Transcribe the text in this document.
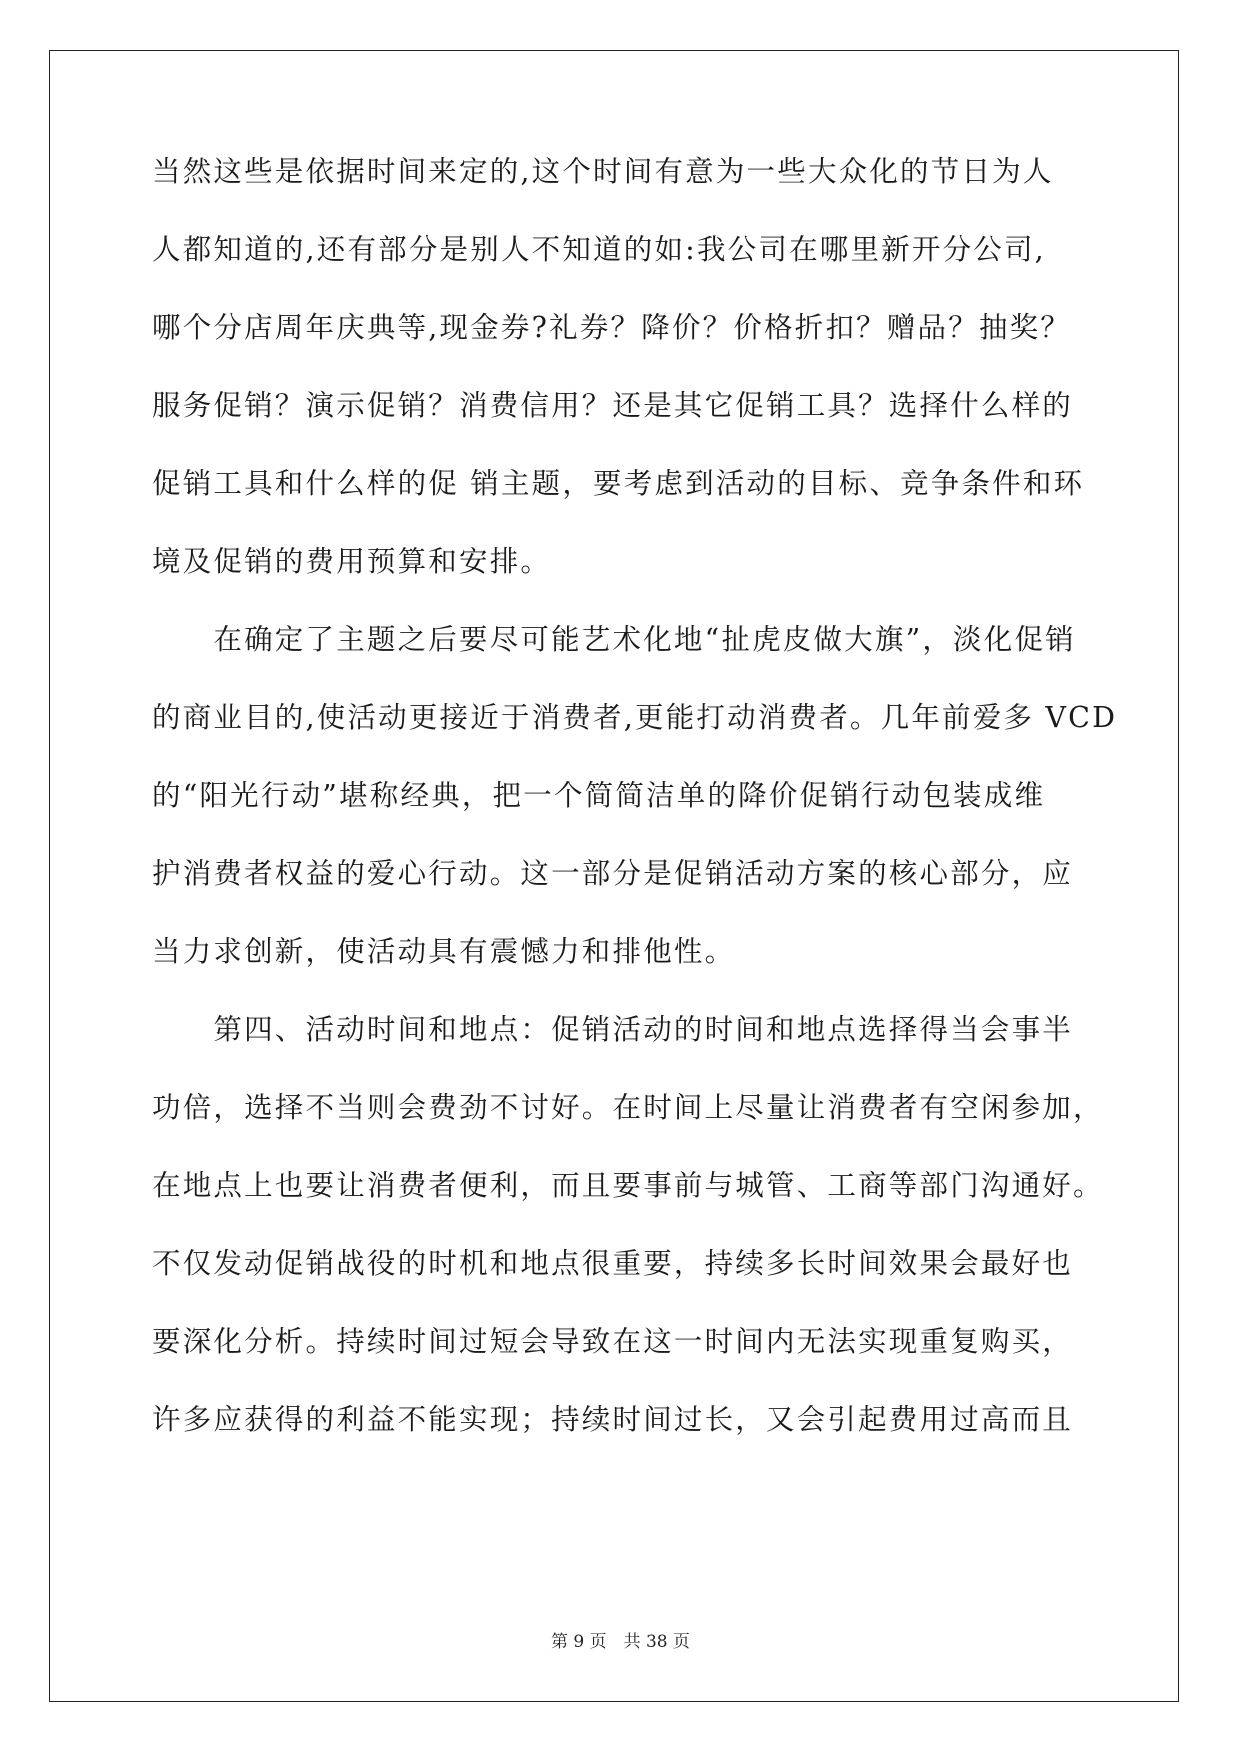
当然这些是依据时间来定的,这个时间有意为一些大众化的节日为人
人都知道的,还有部分是别人不知道的如:我公司在哪里新开分公司,
哪个分店周年庆典等,现金券?礼券？降价？价格折扣？赠品？抽奖？
服务促销？演示促销？消费信用？还是其它促销工具？选择什么样的
促销工具和什么样的促 销主题，要考虑到活动的目标、竞争条件和环
境及促销的费用预算和安排。
　　在确定了主题之后要尽可能艺术化地“扯虎皮做大旗”，淡化促销
的商业目的,使活动更接近于消费者,更能打动消费者。几年前爱多 VCD
的“阳光行动”堪称经典，把一个简简洁单的降价促销行动包装成维
护消费者权益的爱心行动。这一部分是促销活动方案的核心部分，应
当力求创新，使活动具有震憾力和排他性。
　　第四、活动时间和地点：促销活动的时间和地点选择得当会事半
功倍，选择不当则会费劲不讨好。在时间上尽量让消费者有空闲参加，
在地点上也要让消费者便利，而且要事前与城管、工商等部门沟通好。
不仅发动促销战役的时机和地点很重要，持续多长时间效果会最好也
要深化分析。持续时间过短会导致在这一时间内无法实现重复购买，
许多应获得的利益不能实现；持续时间过长，又会引起费用过高而且
第 9 页　共 38 页
